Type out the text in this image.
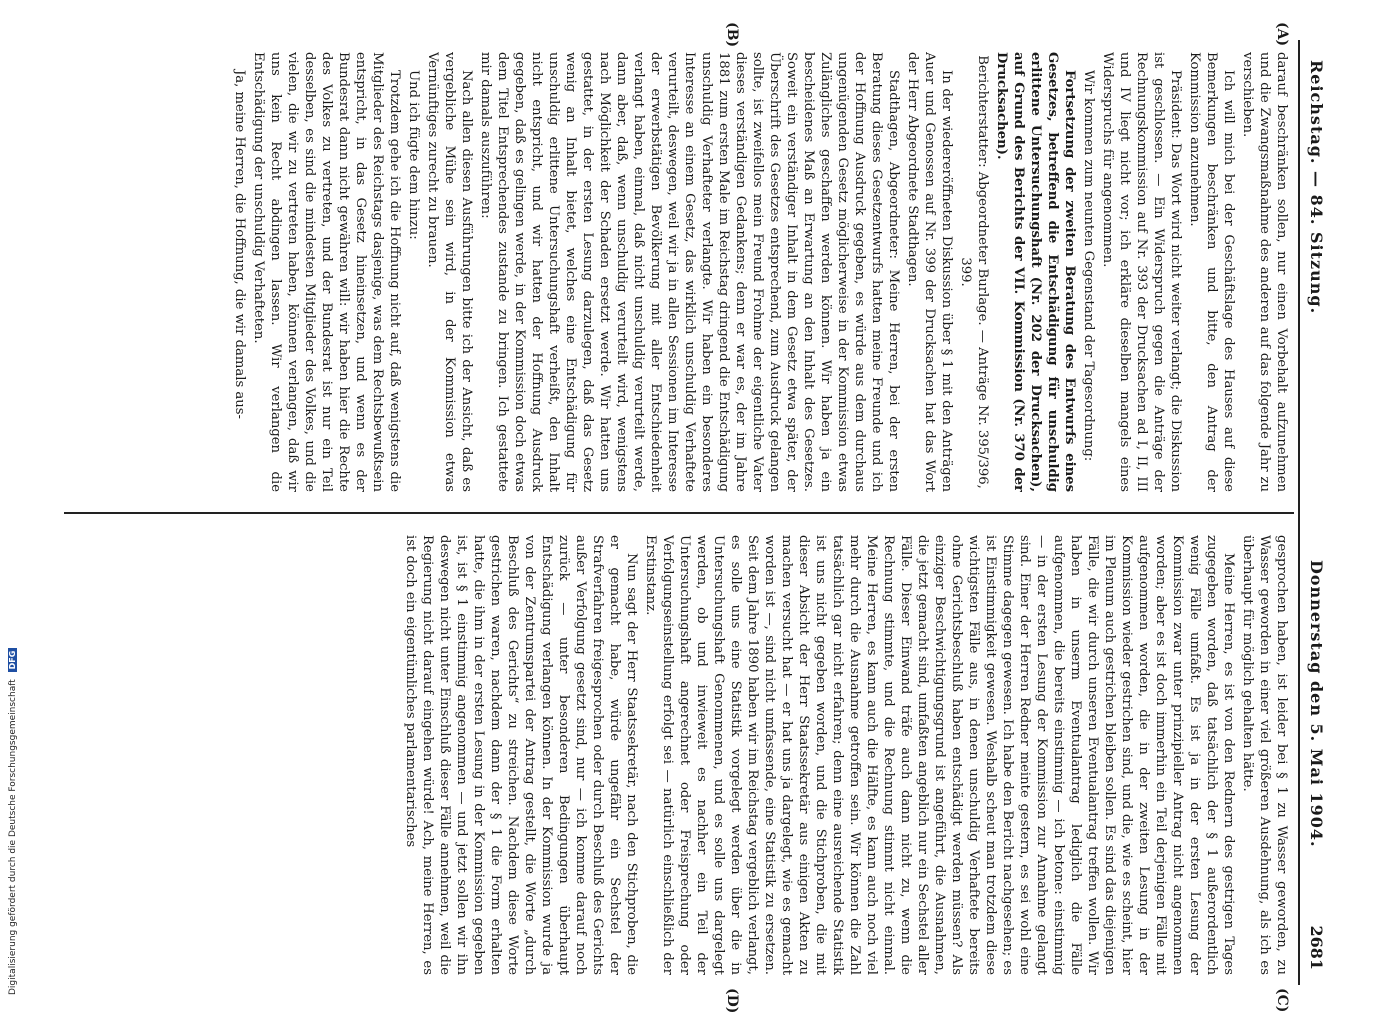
Reichstag. — 84. Sitzung.
Donnerstag den 5. Mai 1904.
2681
(A)
(B)
(C)
(D)

darauf beschränken sollen, nur einen Vorbehalt aufzunehmen und die Zwangsmaßnahme des anderen auf das folgende Jahr zu verschieben.

Ich will mich bei der Geschäftslage des Hauses auf diese Bemerkungen beschränken und bitte, den Antrag der Kommission anzunehmen.

Präsident: Das Wort wird nicht weiter verlangt; die Diskussion ist geschlossen. — Ein Widerspruch gegen die Anträge der Rechnungskommission auf Nr. 393 der Drucksachen ad I, II, III und IV liegt nicht vor; ich erkläre dieselben mangels eines Widerspruchs für angenommen.

Wir kommen zum neunten Gegenstand der Tagesordnung:

Fortsetzung der zweiten Beratung des Entwurfs eines Gesetzes, betreffend die Entschädigung für unschuldig erlittene Untersuchungshaft (Nr. 202 der Drucksachen), auf Grund des Berichts der VII. Kommission (Nr. 370 der Drucksachen).

Berichterstatter: Abgeordneter Burlage. — Anträge Nr. 395/396, 399.

In der wiedereröffneten Diskussion über § 1 mit den Anträgen Auer und Genossen auf Nr. 399 der Drucksachen hat das Wort der Herr Abgeordnete Stadthagen.

Stadthagen, Abgeordneter: Meine Herren, bei der ersten Beratung dieses Gesetzentwurfs hatten meine Freunde und ich der Hoffnung Ausdruck gegeben, es würde aus dem durchaus ungenügenden Gesetz möglicherweise in der Kommission etwas Zulängliches geschaffen werden können. Wir haben ja ein bescheidenes Maß an Erwartung an den Inhalt des Gesetzes. Soweit ein verständiger Inhalt in dem Gesetz etwa später, der Überschrift des Gesetzes entsprechend, zum Ausdruck gelangen sollte, ist zweifellos mein Freund Frohme der eigentliche Vater dieses verständigen Gedankens; denn er war es, der im Jahre 1881 zum ersten Male im Reichstag dringend die Entschädigung unschuldig Verhafteter verlangte. Wir haben ein besonderes Interesse an einem Gesetz, das wirklich unschuldig Verhaftete verurteilt, deswegen, weil wir ja in allen Sessionen im Interesse der erwerbstätigen Bevölkerung mit aller Entschiedenheit verlangt haben, einmal, daß nicht unschuldig verurteilt werde, dann aber, daß, wenn unschuldig verurteilt wird, wenigstens nach Möglichkeit der Schaden ersetzt werde. Wir hatten uns gestattet, in der ersten Lesung darzulegen, daß das Gesetz wenig an Inhalt bietet, welches eine Entschädigung für unschuldig erlittene Untersuchungshaft verheißt, den Inhalt nicht entspricht, und wir hatten der Hoffnung Ausdruck gegeben, daß es gelingen werde, in der Kommission doch etwas dem Titel Entsprechendes zustande zu bringen. Ich gestattete mir damals auszuführen:

Nach allen diesen Ausführungen bitte ich der Ansicht, daß es vergebliche Mühe sein wird, in der Kommission etwas Vernünftiges zurecht zu brauen.

Und ich fügte dem hinzu:

Trotzdem gehe ich die Hoffnung nicht auf, daß wenigstens die Mitglieder des Reichstags dasjenige, was dem Rechtsbewußtsein entspricht, in das Gesetz hineinsetzen, und wenn es der Bundesrat dann nicht gewähren will: wir haben hier die Rechte des Volkes zu vertreten, und der Bundesrat ist nur ein Teil desselben, es sind die mindesten Mitglieder des Volkes, und die vielen, die wir zu vertreten haben, können verlangen, daß wir uns kein Recht abdingen lassen. Wir verlangen die Entschädigung der unschuldig Verhafteten.

Ja, meine Herren, die Hoffnung, die wir damals aus-

gesprochen haben, ist leider bei § 1 zu Wasser geworden, zu Wasser geworden in einer viel größeren Ausdehnung, als ich es überhaupt für möglich gehalten hätte.

Meine Herren, es ist von den Rednern des gestrigen Tages zugegeben worden, daß tatsächlich der § 1 außerordentlich wenig Fälle umfaßt. Es ist ja in der ersten Lesung der Kommission zwar unter prinzipieller Antrag nicht angenommen worden; aber es ist doch immerhin ein Teil derjenigen Fälle mit aufgenommen worden, die in der zweiten Lesung in der Kommission wieder gestrichen sind, und die, wie es scheint, hier im Plenum auch gestrichen bleiben sollen. Es sind das diejenigen Fälle, die wir durch unseren Eventualantrag treffen wollen. Wir haben in unserm Eventualantrag lediglich die Fälle aufgenommen, die bereits einstimmig — ich betone: einstimmig — in der ersten Lesung der Kommission zur Annahme gelangt sind. Einer der Herren Redner meinte gestern, es sei wohl eine Stimme dagegen gewesen. Ich habe den Bericht nachgesehen; es ist Einstimmigkeit gewesen. Weshalb scheut man trotzdem diese wichtigsten Fälle aus, in denen unschuldig Verhaftete bereits ohne Gerichtsbeschluß haben entschädigt werden müssen? Als einziger Beschwichtigungsgrund ist angeführt, die Ausnahmen, die jetzt gemacht sind, umfaßten angeblich nur ein Sechstel aller Fälle. Dieser Einwand träfe auch dann nicht zu, wenn die Rechnung stimmte, und die Rechnung stimmt nicht einmal. Meine Herren, es kann auch die Hälfte, es kann auch noch viel mehr durch die Ausnahme getroffen sein. Wir können die Zahl tatsächlich gar nicht erfahren; denn eine ausreichende Statistik ist uns nicht gegeben worden, und die Stichproben, die mit dieser Absicht der Herr Staatssekretär aus einigen Akten zu machen versucht hat — er hat uns ja dargelegt, wie es gemacht worden ist —, sind nicht umfassende, eine Statistik zu ersetzen. Seit dem Jahre 1890 haben wir im Reichstag vergeblich verlangt, es solle uns eine Statistik vorgelegt werden über die in Untersuchungshaft Genommenen, und es solle uns dargelegt werden, ob und inwieweit es nachher ein Teil der Untersuchungshaft angerechnet oder Freisprechung oder Verfolgungseinstellung erfolgt sei — natürlich einschließlich der Erstinstanz.

Nun sagt der Herr Staatssekretär, nach den Stichproben, die er gemacht habe, würde ungefähr ein Sechstel der Strafverfahren freigesprochen oder durch Beschluß des Gerichts außer Verfolgung gesetzt sind, nur — ich komme darauf noch zurück — unter besonderen Bedingungen überhaupt Entschädigung verlangen können. In der Kommission wurde ja von der Zentrumspartei der Antrag gestellt, die Worte „durch Beschluß des Gerichts“ zu streichen. Nachdem diese Worte gestrichen waren, nachdem dann der § 1 die Form erhalten hatte, die ihm in der ersten Lesung in der Kommission gegeben ist, ist § 1 einstimmig angenommen — und jetzt sollen wir ihn deswegen nicht unter Einschluß dieser Fälle annehmen, weil die Regierung nicht darauf eingehen würde! Ach, meine Herren, es ist doch ein eigentümliches parlamentarisches

Digitalisierung gefördert durch die Deutsche Forschungsgemeinschaft DFG
